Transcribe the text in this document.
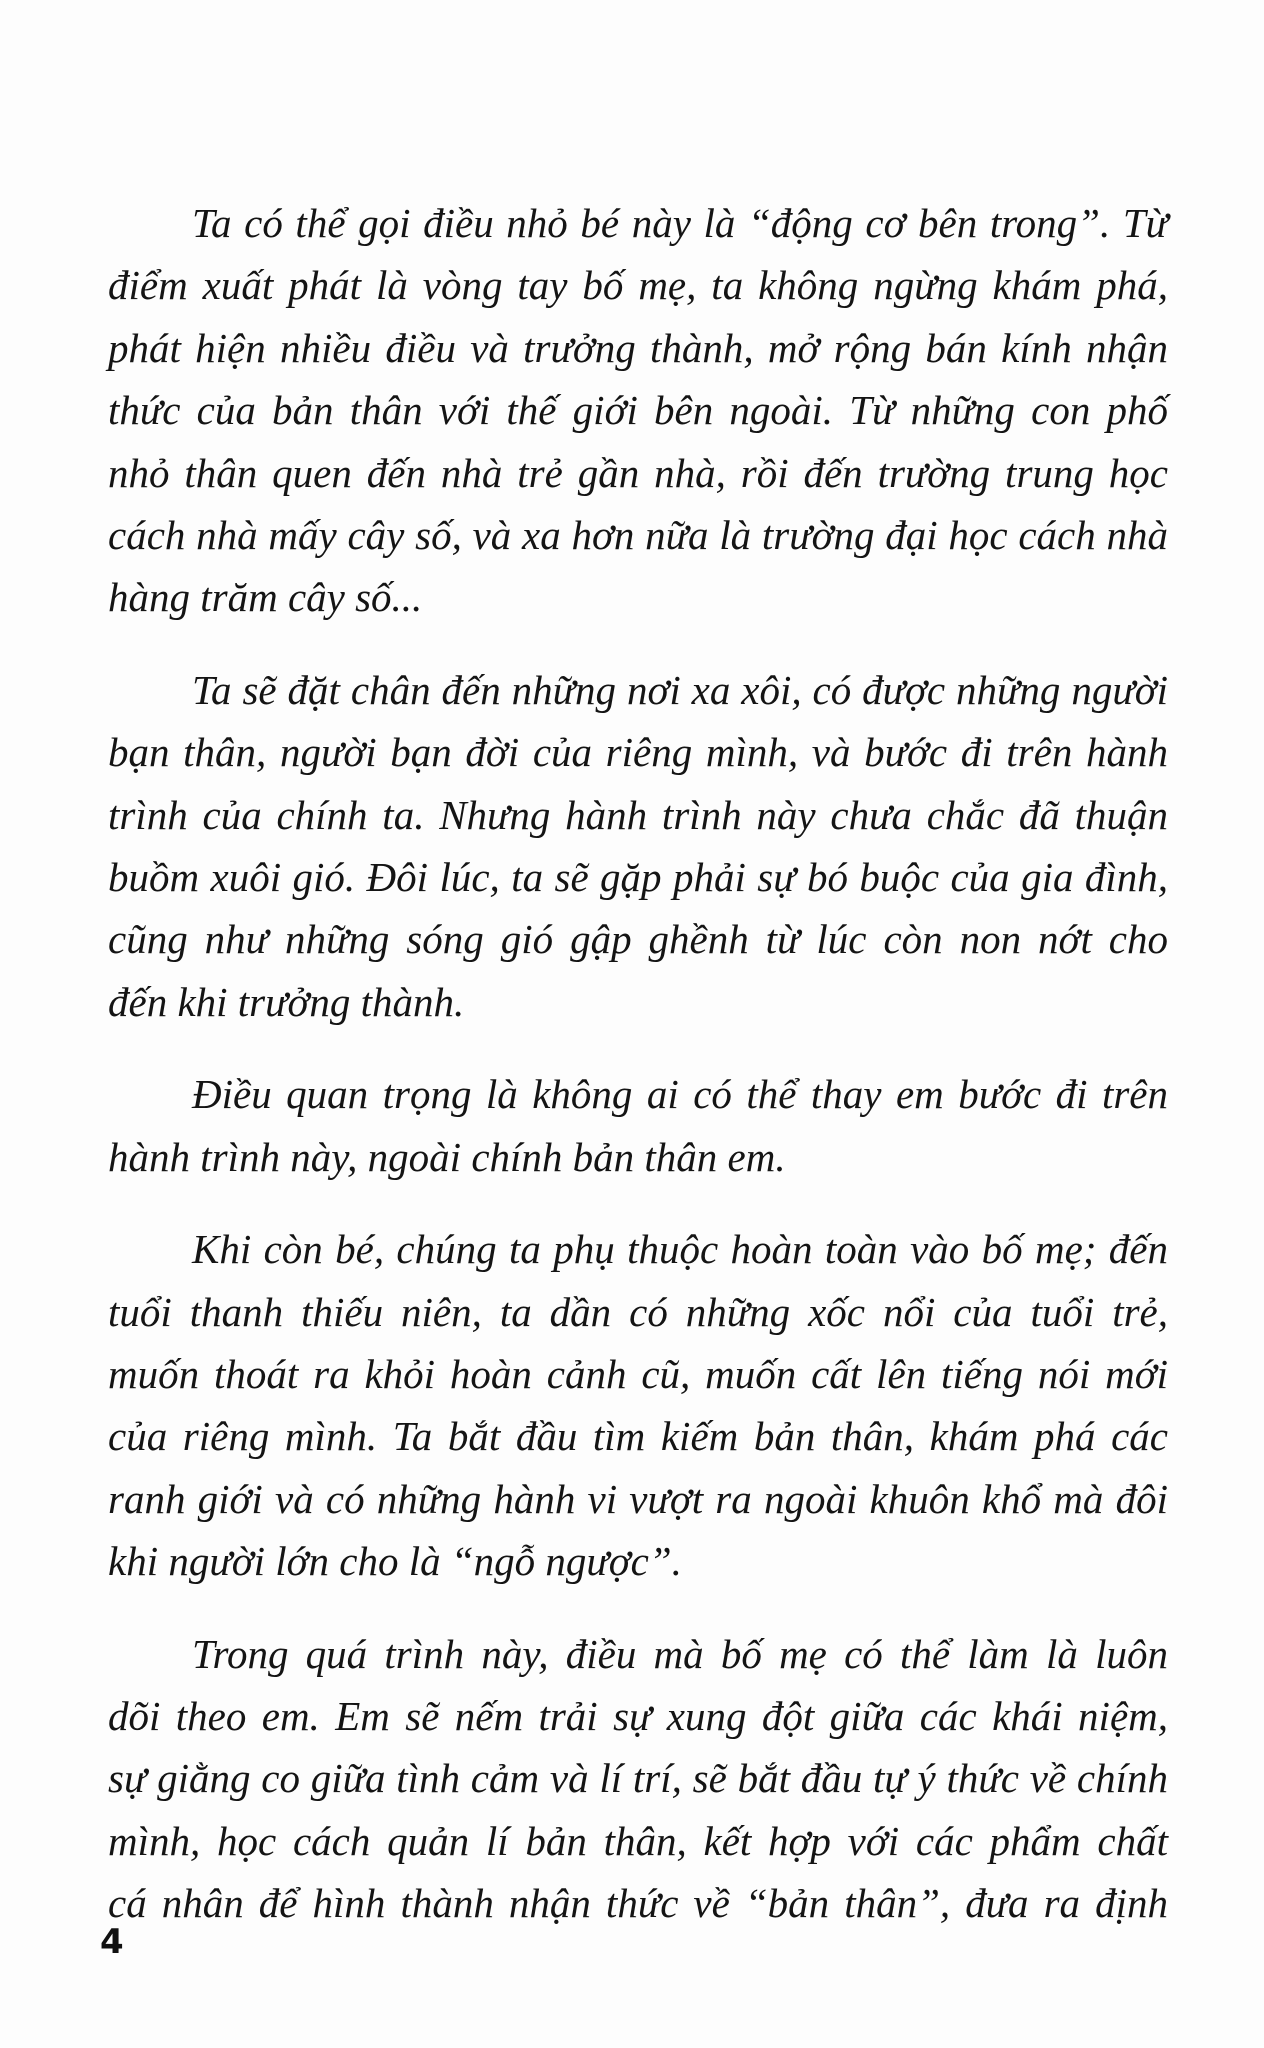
Ta có thể gọi điều nhỏ bé này là “động cơ bên trong”. Từ
điểm xuất phát là vòng tay bố mẹ, ta không ngừng khám phá,
phát hiện nhiều điều và trưởng thành, mở rộng bán kính nhận
thức của bản thân với thế giới bên ngoài. Từ những con phố
nhỏ thân quen đến nhà trẻ gần nhà, rồi đến trường trung học
cách nhà mấy cây số, và xa hơn nữa là trường đại học cách nhà
hàng trăm cây số...

Ta sẽ đặt chân đến những nơi xa xôi, có được những người
bạn thân, người bạn đời của riêng mình, và bước đi trên hành
trình của chính ta. Nhưng hành trình này chưa chắc đã thuận
buồm xuôi gió. Đôi lúc, ta sẽ gặp phải sự bó buộc của gia đình,
cũng như những sóng gió gập ghềnh từ lúc còn non nớt cho
đến khi trưởng thành.

Điều quan trọng là không ai có thể thay em bước đi trên
hành trình này, ngoài chính bản thân em.

Khi còn bé, chúng ta phụ thuộc hoàn toàn vào bố mẹ; đến
tuổi thanh thiếu niên, ta dần có những xốc nổi của tuổi trẻ,
muốn thoát ra khỏi hoàn cảnh cũ, muốn cất lên tiếng nói mới
của riêng mình. Ta bắt đầu tìm kiếm bản thân, khám phá các
ranh giới và có những hành vi vượt ra ngoài khuôn khổ mà đôi
khi người lớn cho là “ngỗ ngược”.

Trong quá trình này, điều mà bố mẹ có thể làm là luôn
dõi theo em. Em sẽ nếm trải sự xung đột giữa các khái niệm,
sự giằng co giữa tình cảm và lí trí, sẽ bắt đầu tự ý thức về chính
mình, học cách quản lí bản thân, kết hợp với các phẩm chất
cá nhân để hình thành nhận thức về “bản thân”, đưa ra định

4
